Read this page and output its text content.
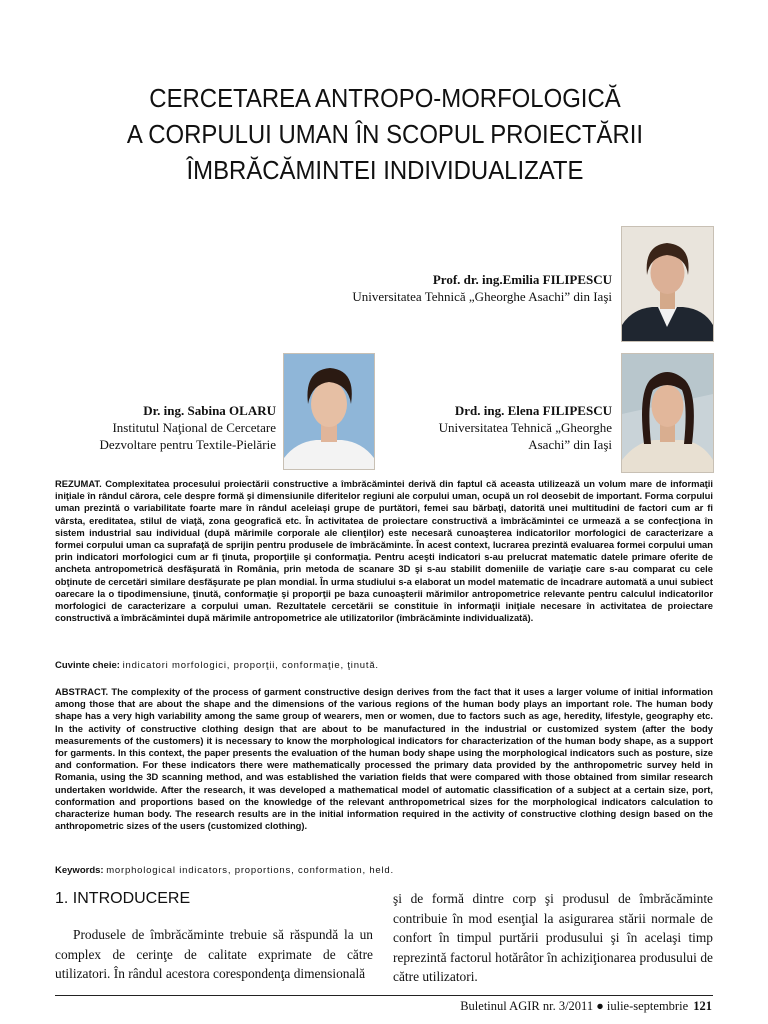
CERCETAREA ANTROPO-MORFOLOGICĂ
A CORPULUI UMAN ÎN SCOPUL PROIECTĂRII
ÎMBRĂCĂMINTEI INDIVIDUALIZATE
Prof. dr. ing.Emilia FILIPESCU
Universitatea Tehnică „Gheorghe Asachi” din Iaşi
Dr. ing. Sabina OLARU
Institutul Naţional de Cercetare
Dezvoltare pentru Textile-Pielărie
Drd. ing. Elena FILIPESCU
Universitatea Tehnică „Gheorghe
Asachi” din Iaşi

REZUMAT. Complexitatea procesului proiectării constructive a îmbrăcămintei derivă din faptul că aceasta utilizează un volum mare de informaţii iniţiale în rândul cărora, cele despre formă şi dimensiunile diferitelor regiuni ale corpului uman, ocupă un rol deosebit de important. Forma corpului uman prezintă o variabilitate foarte mare în rândul aceleiaşi grupe de purtători, femei sau bărbaţi, datorită unei multitudini de factori cum ar fi vârsta, ereditatea, stilul de viaţă, zona geografică etc. În activitatea de proiectare constructivă a îmbrăcămintei ce urmează a se confecţiona în sistem industrial sau individual (după mărimile corporale ale clienţilor) este necesară cunoaşterea indicatorilor morfologici de caracterizare a formei corpului uman ca suprafaţă de sprijin pentru produsele de îmbrăcăminte. În acest context, lucrarea prezintă evaluarea formei corpului uman prin indicatori morfologici cum ar fi ţinuta, proporţiile şi conformaţia. Pentru aceşti indicatori s-au prelucrat matematic datele primare oferite de ancheta antropometrică desfăşurată în România, prin metoda de scanare 3D şi s-au stabilit domeniile de variaţie care s-au comparat cu cele obţinute de cercetări similare desfăşurate pe plan mondial. În urma studiului s-a elaborat un model matematic de încadrare automată a unui subiect oarecare la o tipodimensiune, ţinută, conformaţie şi proporţii pe baza cunoaşterii mărimilor antropometrice relevante pentru calculul indicatorilor morfologici de caracterizare a corpului uman. Rezultatele cercetării se constituie în informaţii iniţiale necesare în activitatea de proiectare constructivă a îmbrăcămintei după mărimile antropometrice ale utilizatorilor (îmbrăcăminte individualizată).

Cuvinte cheie: indicatori morfologici, proporţii, conformaţie, ţinută.

ABSTRACT. The complexity of the process of garment constructive design derives from the fact that it uses a larger volume of initial information among those that are about the shape and the dimensions of the various regions of the human body plays an important role. The human body shape has a very high variability among the same group of wearers, men or women, due to factors such as age, heredity, lifestyle, geography etc. In the activity of constructive clothing design that are about to be manufactured in the industrial or customized system (after the body measurements of the customers) it is necessary to know the morphological indicators for characterization of the human body shape, as a support for garments. In this context, the paper presents the evaluation of the human body shape using the morphological indicators such as posture, size and conformation. For these indicators there were mathematically processed the primary data provided by the anthropometric survey held in Romania, using the 3D scanning method, and was established the variation fields that were compared with those obtained from similar research undertaken worldwide. After the research, it was developed a mathematical model of automatic classification of a subject at a certain size, port, conformation and proportions based on the knowledge of the relevant anthropometrical sizes for the morphological indicators calculation to characterize human body. The research results are in the initial information required in the activity of constructive clothing design based on the anthropometric sizes of the users (customized clothing).

Keywords: morphological indicators, proportions, conformation, held.
1. INTRODUCERE

Produsele de îmbrăcăminte trebuie să răspundă la un complex de cerinţe de calitate exprimate de către utilizatori. În rândul acestora corespondenţa dimensională

şi de formă dintre corp şi produsul de îmbrăcăminte contribuie în mod esenţial la asigurarea stării normale de confort în timpul purtării produsului şi în acelaşi timp reprezintă factorul hotărâtor în achiziţionarea produsului de către utilizatori.

Buletinul AGIR nr. 3/2011 ● iulie-septembrie 121
